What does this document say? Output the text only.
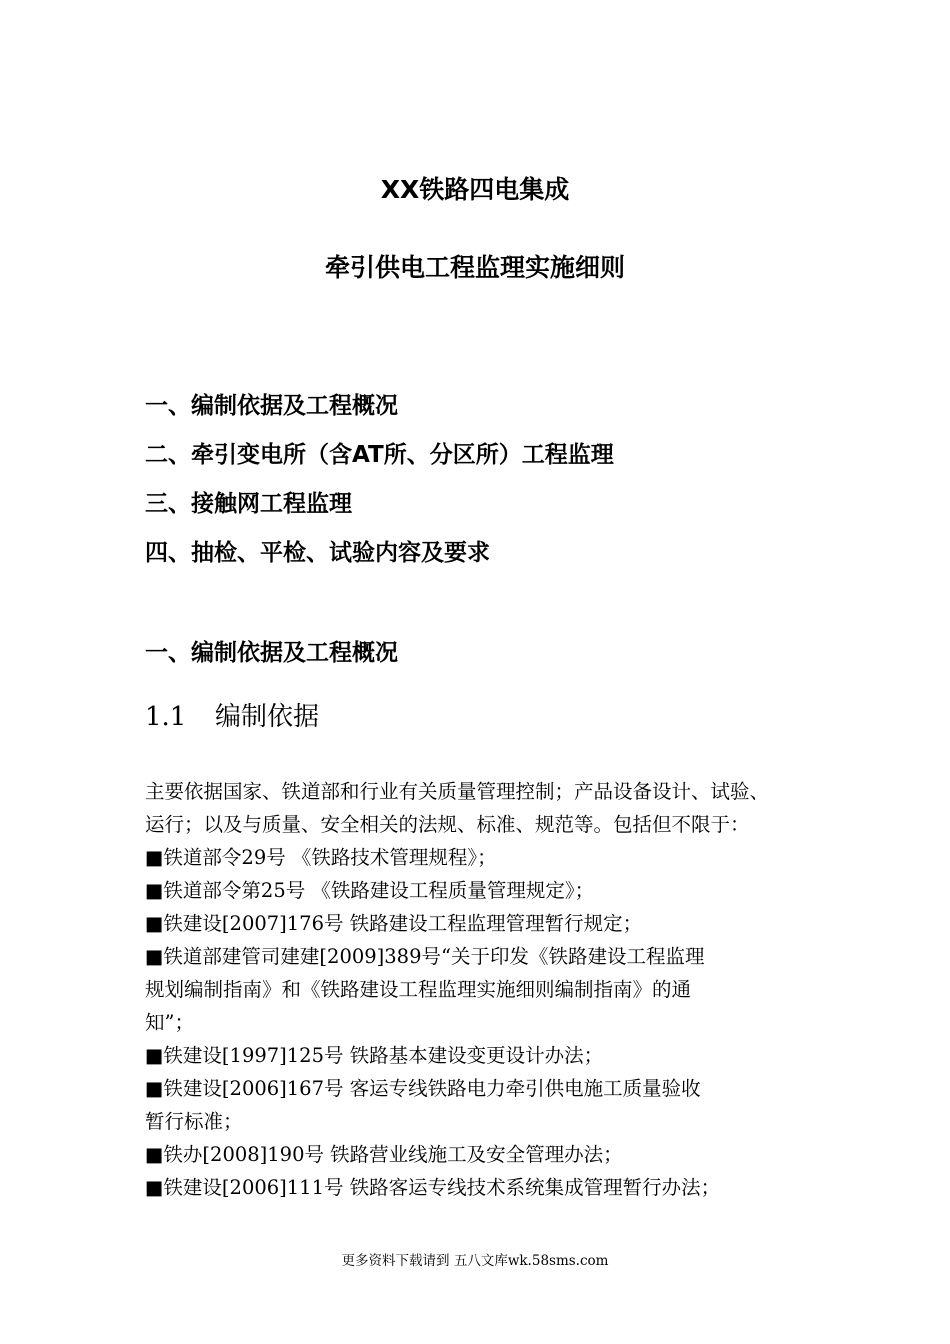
XX铁路四电集成
牵引供电工程监理实施细则
一、编制依据及工程概况
二、牵引变电所（含AT所、分区所）工程监理
三、接触网工程监理
四、抽检、平检、试验内容及要求
一、编制依据及工程概况
1.1 编制依据

主要依据国家、铁道部和行业有关质量管理控制；产品设备设计、试验、

运行；以及与质量、安全相关的法规、标准、规范等。包括但不限于：

■铁道部令29号 《铁路技术管理规程》；

■铁道部令第25号 《铁路建设工程质量管理规定》；

■铁建设[2007]176号 铁路建设工程监理管理暂行规定；

■铁道部建管司建建[2009]389号“关于印发《铁路建设工程监理

规划编制指南》和《铁路建设工程监理实施细则编制指南》的通

知”；

■铁建设[1997]125号 铁路基本建设变更设计办法；

■铁建设[2006]167号 客运专线铁路电力牵引供电施工质量验收

暂行标准；

■铁办[2008]190号 铁路营业线施工及安全管理办法；

■铁建设[2006]111号 铁路客运专线技术系统集成管理暂行办法；

更多资料下载请到 五八文库wk.58sms.com
